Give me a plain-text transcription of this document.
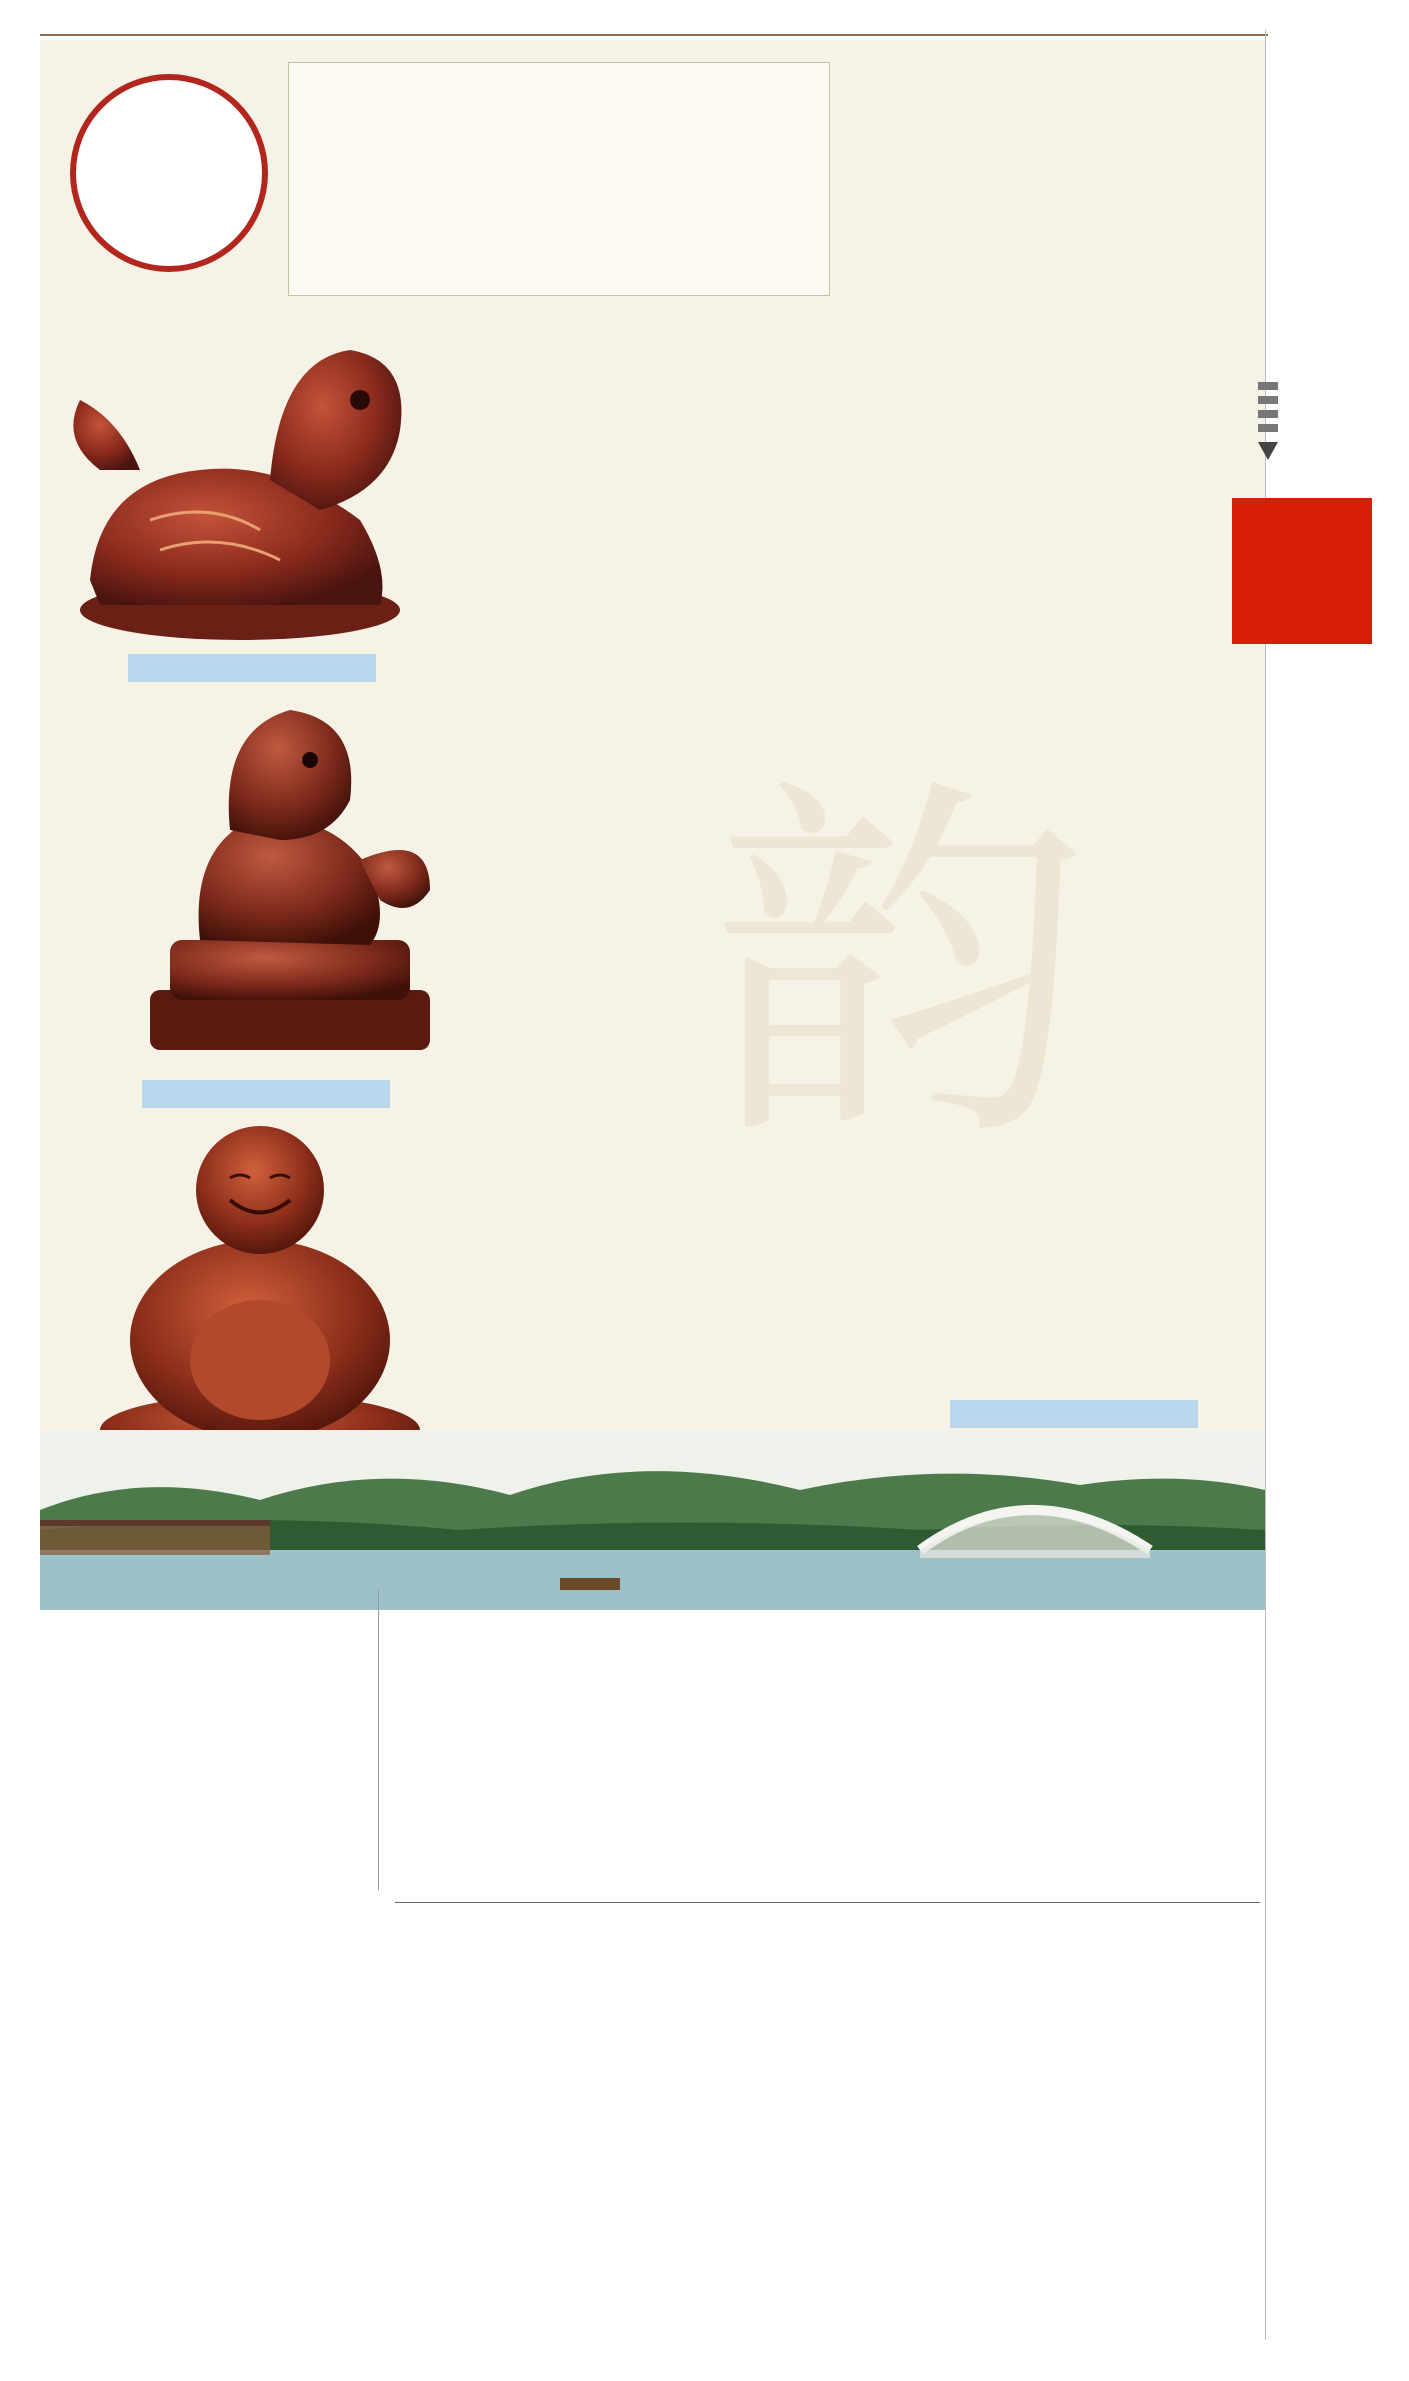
韵
